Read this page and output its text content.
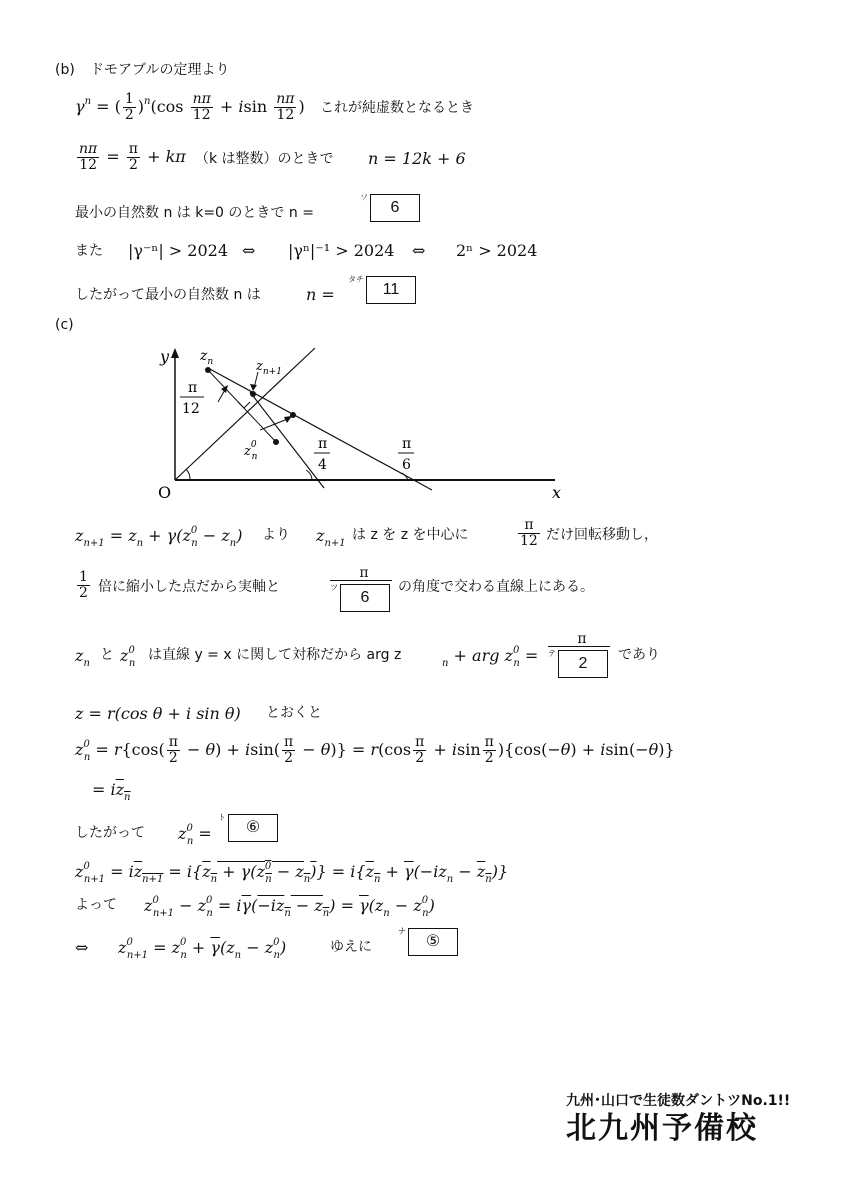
(b) ドモアブルの定理より
$\gamma^n$ = ( $\frac{1}{2} )^n(\cos \frac{n\pi}{12} + isin \frac{n\pi}{12}$ ) これが純虚数となるとき
$\frac{n\pi}{12} = \frac{\pi}{2} + k\pi$ （k は整数）のときで n = 12k + 6
最小の自然数 n は k=0 のときで n =
$^ソ$6
また |γ⁻ⁿ| > 2024 ⇔ |γⁿ|⁻¹ > 2024 ⇔ 2ⁿ > 2024
したがって最小の自然数 n は	n =
$^{タチ}$11
(c)
y
x
O
$z_n$	$z_{n+1}$
$z^0$ n
π
12
π
4
π
6
$z_{n+1} = z_n + \gamma(z^0_n - z_n)$ より $z_{n+1}$
は z を z を中心に	$\frac{\pi}{12}$ だけ回転移動し，
$\frac{1}{2}$ 倍に縮小した点だから実軸と
π
$^ツ$6
の角度で交わる直線上にある。
$z_n$
と $z^0_n$
は直線 y = x に関して対称だから arg z
$_n$ + arg $z^0_n$ =
π
$^テ$2	であり
z = r(cos θ + i sin θ) とおくと
$z^0_n = r\{\cos( \frac{\pi}{2} - \theta) + isin( \frac{\pi}{2} - \theta)\} = r(\cos \frac{\pi}{2} + isin \frac{\pi}{2} )\{\cos(-\theta) + isin(-\theta)\}$
= $iz_n$
したがって $z^0_n$ =
$^ト$⑥
$z^0_{n+1} = iz_{n+1} = i\{z_n + \gamma(z^0_n - z_n)\} = i\{z_n + \overline{\gamma}(-iz_n - z_n)\}$
よって $z^0_{n+1} - z^0_n = i\overline{\gamma}(-iz_n - z_n) = \overline{\gamma}(z_n - z^0_n)$
⇔ $z^0_{n+1} = z^0_n + \overline{\gamma}(z_n - z^0_n)$	ゆえに
$^ナ$⑤
九州･山口で生徒数ダントツNo.1!!
北九州予備校
